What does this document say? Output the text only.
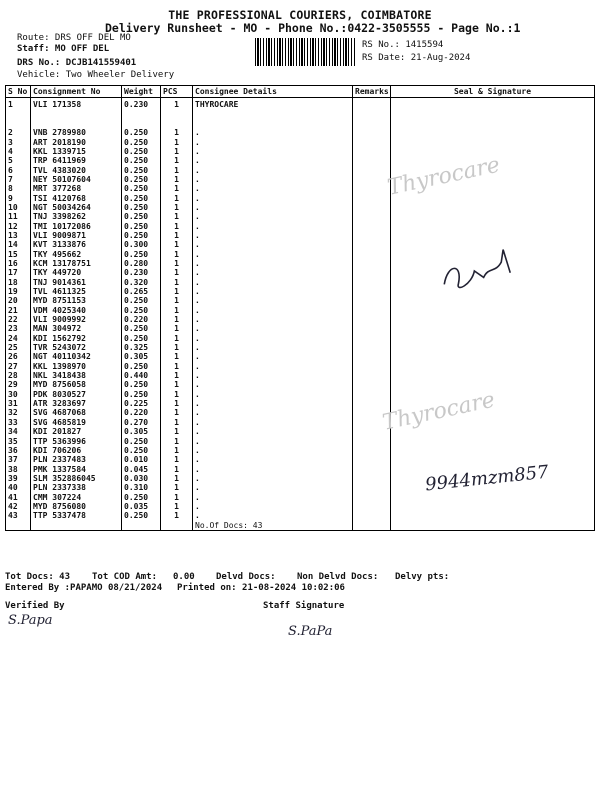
THE PROFESSIONAL COURIERS, COIMBATORE
Delivery Runsheet - MO - Phone No.:0422-3505555 - Page No.:1
Route: DRS OFF DEL MO
Staff: MO OFF DEL
DRS No.: DCJB141559401
Vehicle: Two Wheeler Delivery
RS No.: 1415594
RS Date: 21-Aug-2024
S No	Consignment No	Weight	PCS	Consignee Details	Remarks	Seal & Signature
1	VLI 171358	0.230	1	THYROCARE		
2	VNB 2789980	0.250	1	.		
3	ART 2018190	0.250	1	.		
4	KKL 1339715	0.250	1	.		
5	TRP 6411969	0.250	1	.		
6	TVL 4383020	0.250	1	.		
7	NEY 50107604	0.250	1	.		
8	MRT 377268	0.250	1	.		
9	TSI 4120768	0.250	1	.		
10	NGT 50034264	0.250	1	.		
11	TNJ 3398262	0.250	1	.		
12	TMI 10172086	0.250	1	.		
13	VLI 9009871	0.250	1	.		
14	KVT 3133876	0.300	1	.		
15	TKY 495662	0.250	1	.		
16	KCM 13178751	0.280	1	.		
17	TKY 449720	0.230	1	.		
18	TNJ 9014361	0.320	1	.		
19	TVL 4611325	0.265	1	.		
20	MYD 8751153	0.250	1	.		
21	VDM 4025340	0.250	1	.		
22	VLI 9009992	0.220	1	.		
23	MAN 304972	0.250	1	.		
24	KDI 1562792	0.250	1	.		
25	TVR 5243072	0.325	1	.		
26	NGT 40110342	0.305	1	.		
27	KKL 1398970	0.250	1	.		
28	NKL 3418438	0.440	1	.		
29	MYD 8756058	0.250	1	.		
30	PDK 8030527	0.250	1	.		
31	ATR 3283697	0.225	1	.		
32	SVG 4687068	0.220	1	.		
33	SVG 4685819	0.270	1	.		
34	KDI 201827	0.305	1	.		
35	TTP 5363996	0.250	1	.		
36	KDI 706206	0.250	1	.		
37	PLN 2337483	0.010	1	.		
38	PMK 1337584	0.045	1	.		
39	SLM 352886045	0.030	1	.		
40	PLN 2337338	0.310	1	.		
41	CMM 307224	0.250	1	.		
42	MYD 8756080	0.035	1	.		
43	TTP 5337478	0.250	1	.		
				No.Of Docs: 43		
Thyrocare
Thyrocare
9944mzm857
Tot Docs: 43 Tot COD Amt: 0.00 Delvd Docs: Non Delvd Docs: Delvy pts:
Entered By :PAPAMO 08/21/2024 Printed on: 21-08-2024 10:02:06
Verified By	Staff Signature
S.Papa
S.PaPa
